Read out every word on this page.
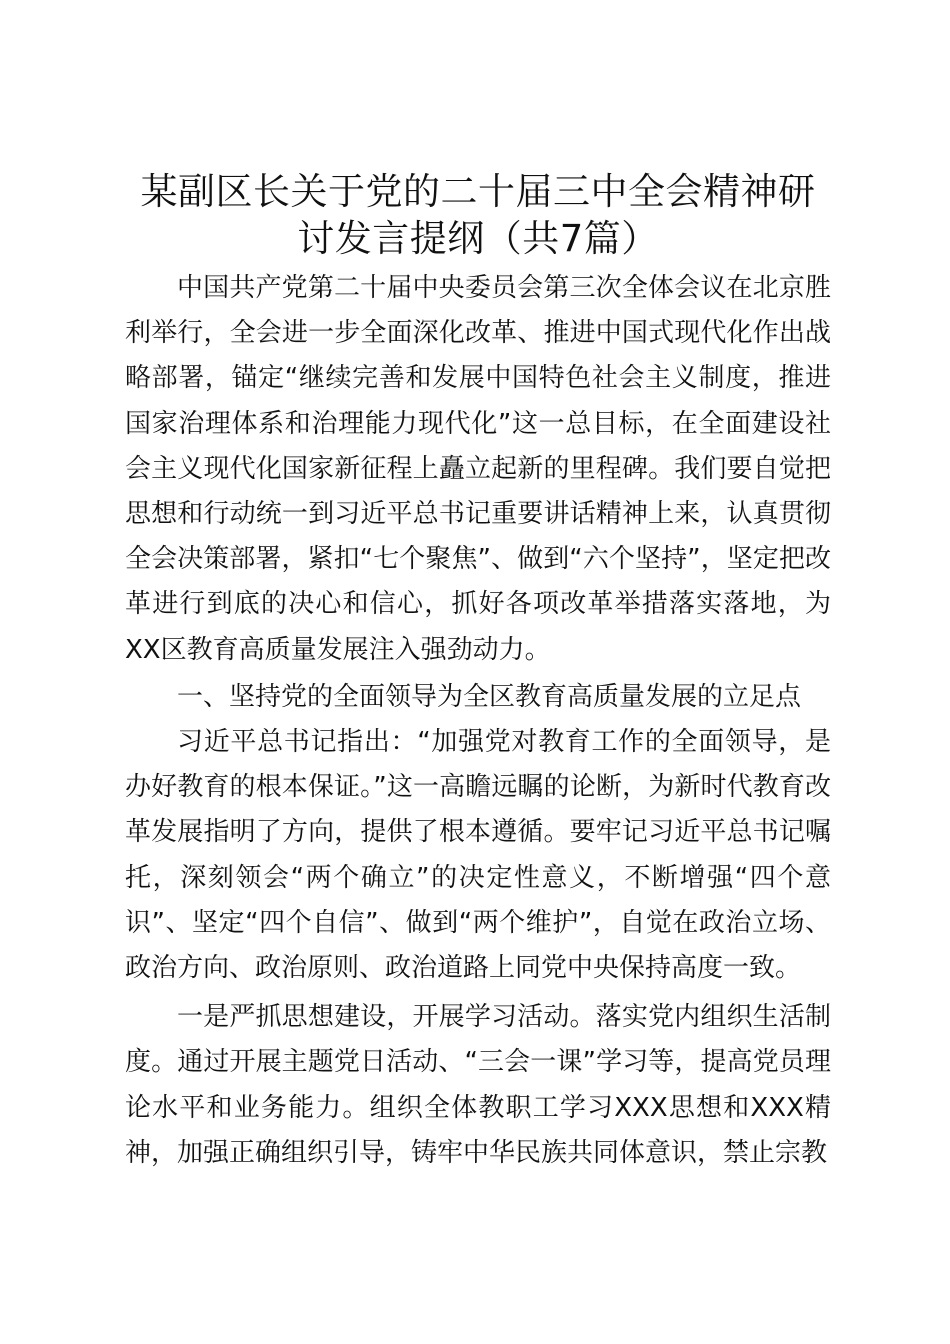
某副区长关于党的二十届三中全会精神研讨发言提纲（共7篇）

中国共产党第二十届中央委员会第三次全体会议在北京胜利举行，全会进一步全面深化改革、推进中国式现代化作出战略部署，锚定“继续完善和发展中国特色社会主义制度，推进国家治理体系和治理能力现代化”这一总目标，在全面建设社会主义现代化国家新征程上矗立起新的里程碑。我们要自觉把思想和行动统一到习近平总书记重要讲话精神上来，认真贯彻全会决策部署，紧扣“七个聚焦”、做到“六个坚持”，坚定把改革进行到底的决心和信心，抓好各项改革举措落实落地，为XX区教育高质量发展注入强劲动力。

一、坚持党的全面领导为全区教育高质量发展的立足点

习近平总书记指出：“加强党对教育工作的全面领导，是办好教育的根本保证。”这一高瞻远瞩的论断，为新时代教育改革发展指明了方向，提供了根本遵循。要牢记习近平总书记嘱托，深刻领会“两个确立”的决定性意义，不断增强“四个意识”、坚定“四个自信”、做到“两个维护”，自觉在政治立场、政治方向、政治原则、政治道路上同党中央保持高度一致。

一是严抓思想建设，开展学习活动。落实党内组织生活制度。通过开展主题党日活动、“三会一课”学习等，提高党员理论水平和业务能力。组织全体教职工学习XXX思想和XXX精神，加强正确组织引导，铸牢中华民族共同体意识，禁止宗教
